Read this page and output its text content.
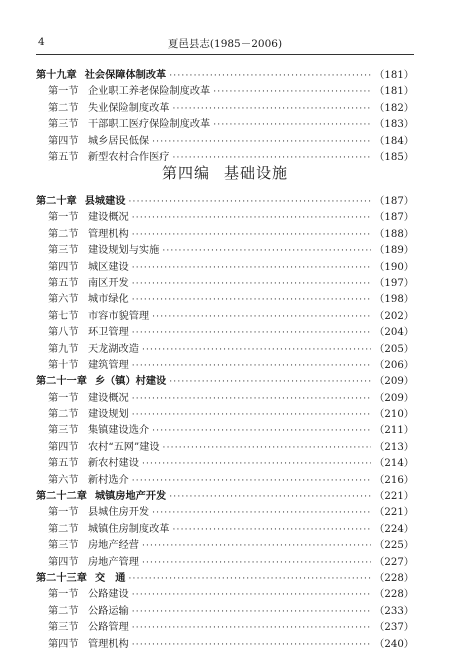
4	夏邑县志(1985－2006)
第十九章 社会保障体制改革 ·····	（181）
第一节 企业职工养老保险制度改革 ·····	（181）
第二节 失业保险制度改革 ·····	（182）
第三节 干部职工医疗保险制度改革 ·····	（183）
第四节 城乡居民低保 ·····	（184）
第五节 新型农村合作医疗 ·····	（185）
第四编 基础设施
第二十章 县城建设 ·····	（187）
第一节 建设概况 ·····	（187）
第二节 管理机构 ·····	（188）
第三节 建设规划与实施 ·····	（189）
第四节 城区建设 ·····	（190）
第五节 南区开发 ·····	（197）
第六节 城市绿化 ·····	（198）
第七节 市容市貌管理 ·····	（202）
第八节 环卫管理 ·····	（204）
第九节 天龙湖改造 ·····	（205）
第十节 建筑管理 ·····	（206）
第二十一章 乡（镇）村建设 ·····	（209）
第一节 建设概况 ·····	（209）
第二节 建设规划 ·····	（210）
第三节 集镇建设选介 ·····	（211）
第四节 农村“五网”建设 ·····	（213）
第五节 新农村建设 ·····	（214）
第六节 新村选介 ·····	（216）
第二十二章 城镇房地产开发 ·····	（221）
第一节 县城住房开发 ·····	（221）
第二节 城镇住房制度改革 ·····	（224）
第三节 房地产经营 ·····	（225）
第四节 房地产管理 ·····	（227）
第二十三章 交　通 ·····	（228）
第一节 公路建设 ·····	（228）
第二节 公路运输 ·····	（233）
第三节 公路管理 ·····	（237）
第四节 管理机构 ·····	（240）
